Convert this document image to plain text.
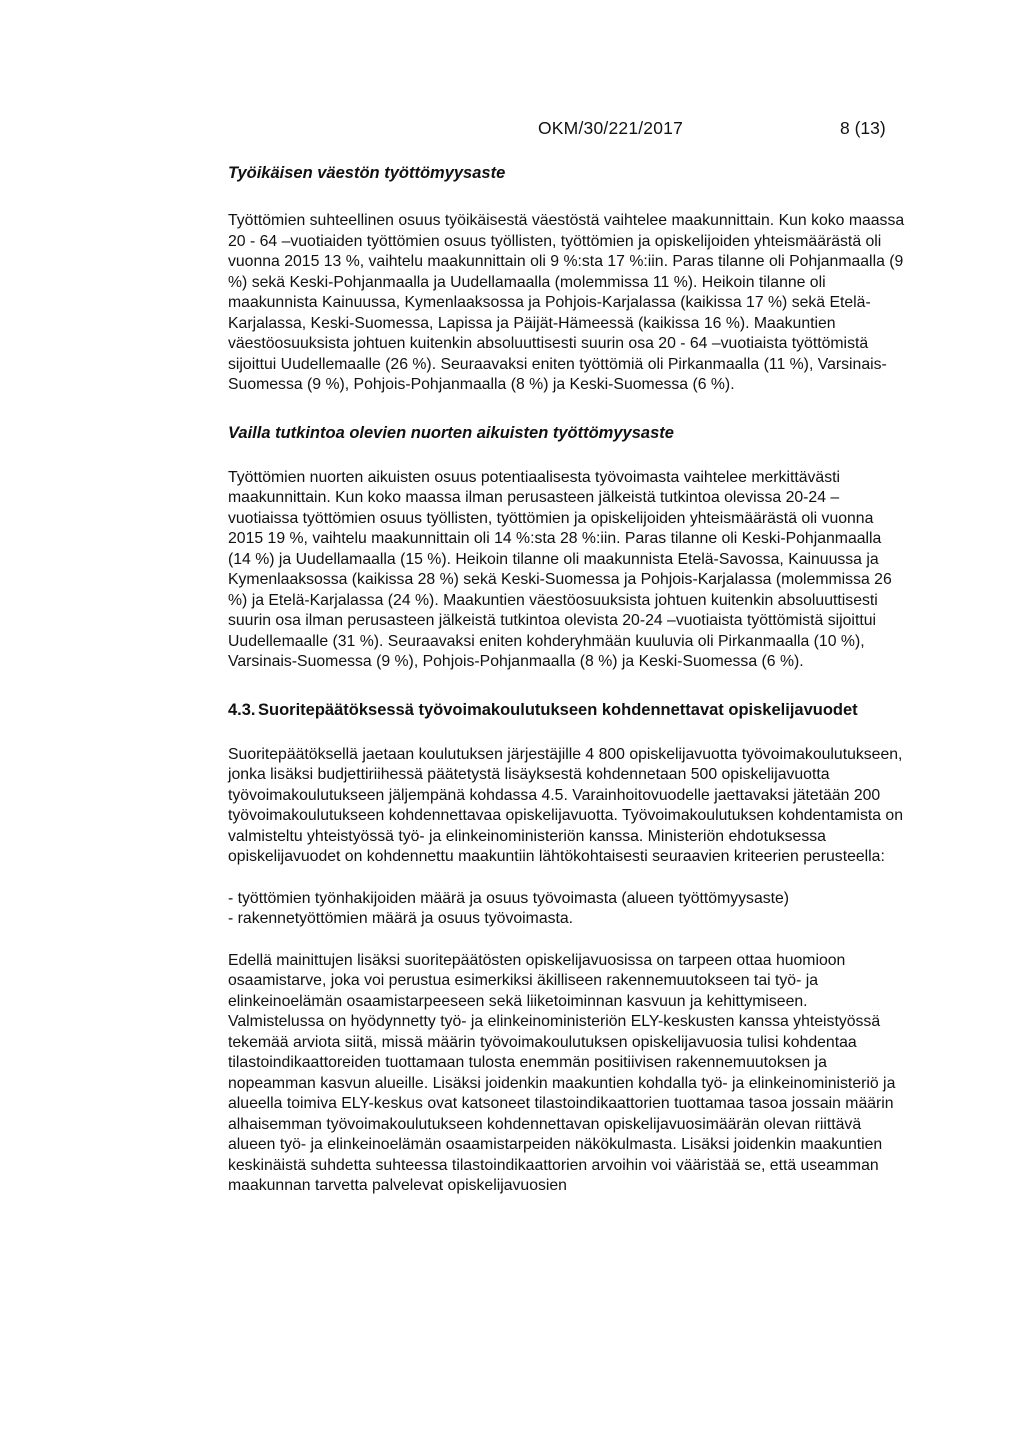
OKM/30/221/2017	8 (13)
Työikäisen väestön työttömyysaste

Työttömien suhteellinen osuus työikäisestä väestöstä vaihtelee maakunnittain. Kun koko maassa 20 - 64 –vuotiaiden työttömien osuus työllisten, työttömien ja opiskelijoiden yhteismäärästä oli vuonna 2015 13 %, vaihtelu maakunnittain oli 9 %:sta 17 %:iin. Paras tilanne oli Pohjanmaalla (9 %) sekä Keski-Pohjanmaalla ja Uudellamaalla (molemmissa 11 %). Heikoin tilanne oli maakunnista Kainuussa, Kymenlaaksossa ja Pohjois-Karjalassa (kaikissa 17 %) sekä Etelä-Karjalassa, Keski-Suomessa, Lapissa ja Päijät-Hämeessä (kaikissa 16 %). Maakuntien väestöosuuksista johtuen kuitenkin absoluuttisesti suurin osa 20 - 64 –vuotiaista työttömistä sijoittui Uudellemaalle (26 %). Seuraavaksi eniten työttömiä oli Pirkanmaalla (11 %), Varsinais-Suomessa (9 %), Pohjois-Pohjanmaalla (8 %) ja Keski-Suomessa (6 %).

Vailla tutkintoa olevien nuorten aikuisten työttömyysaste

Työttömien nuorten aikuisten osuus potentiaalisesta työvoimasta vaihtelee merkittävästi maakunnittain. Kun koko maassa ilman perusasteen jälkeistä tutkintoa olevissa 20-24 –vuotiaissa työttömien osuus työllisten, työttömien ja opiskelijoiden yhteismäärästä oli vuonna 2015 19 %, vaihtelu maakunnittain oli 14 %:sta 28 %:iin. Paras tilanne oli Keski-Pohjanmaalla (14 %) ja Uudellamaalla (15 %). Heikoin tilanne oli maakunnista Etelä-Savossa, Kainuussa ja Kymenlaaksossa (kaikissa 28 %) sekä Keski-Suomessa ja Pohjois-Karjalassa (molemmissa 26 %) ja Etelä-Karjalassa (24 %). Maakuntien väestöosuuksista johtuen kuitenkin absoluuttisesti suurin osa ilman perusasteen jälkeistä tutkintoa olevista 20-24 –vuotiaista työttömistä sijoittui Uudellemaalle (31 %). Seuraavaksi eniten kohderyhmään kuuluvia oli Pirkanmaalla (10 %), Varsinais-Suomessa (9 %), Pohjois-Pohjanmaalla (8 %) ja Keski-Suomessa (6 %).

4.3. Suoritepäätöksessä työvoimakoulutukseen kohdennettavat opiskelijavuodet

Suoritepäätöksellä jaetaan koulutuksen järjestäjille 4 800 opiskelijavuotta työvoimakoulutukseen, jonka lisäksi budjettiriihessä päätetystä lisäyksestä kohdennetaan 500 opiskelijavuotta työvoimakoulutukseen jäljempänä kohdassa 4.5. Varainhoitovuodelle jaettavaksi jätetään 200 työvoimakoulutukseen kohdennettavaa opiskelijavuotta. Työvoimakoulutuksen kohdentamista on valmisteltu yhteistyössä työ- ja elinkeinoministeriön kanssa. Ministeriön ehdotuksessa opiskelijavuodet on kohdennettu maakuntiin lähtökohtaisesti seuraavien kriteerien perusteella:

- työttömien työnhakijoiden määrä ja osuus työvoimasta (alueen työttömyysaste)

- rakennetyöttömien määrä ja osuus työvoimasta.

Edellä mainittujen lisäksi suoritepäätösten opiskelijavuosissa on tarpeen ottaa huomioon osaamistarve, joka voi perustua esimerkiksi äkilliseen rakennemuutokseen tai työ- ja elinkeinoelämän osaamistarpeeseen sekä liiketoiminnan kasvuun ja kehittymiseen. Valmistelussa on hyödynnetty työ- ja elinkeinoministeriön ELY-keskusten kanssa yhteistyössä tekemää arviota siitä, missä määrin työvoimakoulutuksen opiskelijavuosia tulisi kohdentaa tilastoindikaattoreiden tuottamaan tulosta enemmän positiivisen rakennemuutoksen ja nopeamman kasvun alueille. Lisäksi joidenkin maakuntien kohdalla työ- ja elinkeinoministeriö ja alueella toimiva ELY-keskus ovat katsoneet tilastoindikaattorien tuottamaa tasoa jossain määrin alhaisemman työvoimakoulutukseen kohdennettavan opiskelijavuosimäärän olevan riittävä alueen työ- ja elinkeinoelämän osaamistarpeiden näkökulmasta. Lisäksi joidenkin maakuntien keskinäistä suhdetta suhteessa tilastoindikaattorien arvoihin voi vääristää se, että useamman maakunnan tarvetta palvelevat opiskelijavuosien
